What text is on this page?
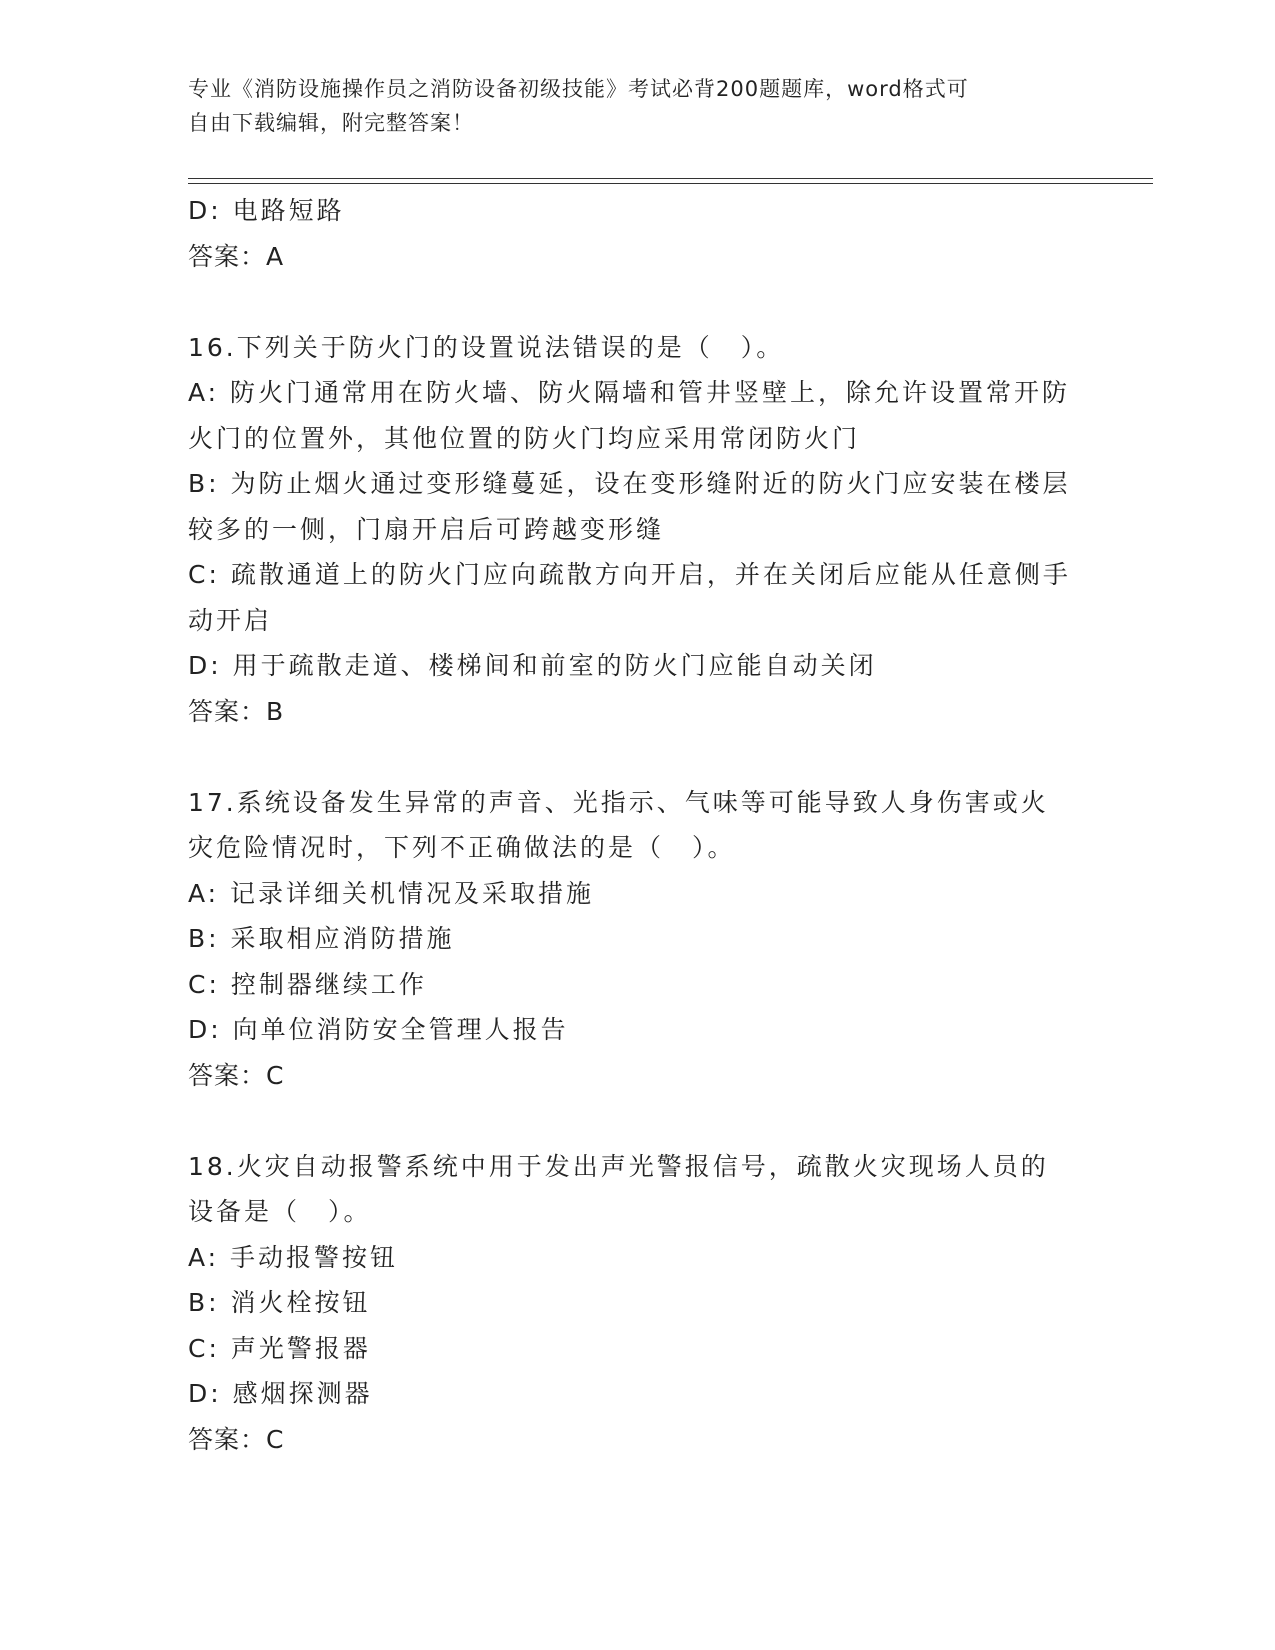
专业《消防设施操作员之消防设备初级技能》考试必背200题题库，word格式可
自由下载编辑，附完整答案！

D: 电路短路

答案：A

16.下列关于防火门的设置说法错误的是（　）。

A: 防火门通常用在防火墙、防火隔墙和管井竖壁上，除允许设置常开防火门的位置外，其他位置的防火门均应采用常闭防火门

B: 为防止烟火通过变形缝蔓延，设在变形缝附近的防火门应安装在楼层较多的一侧，门扇开启后可跨越变形缝

C: 疏散通道上的防火门应向疏散方向开启，并在关闭后应能从任意侧手动开启

D: 用于疏散走道、楼梯间和前室的防火门应能自动关闭

答案：B

17.系统设备发生异常的声音、光指示、气味等可能导致人身伤害或火灾危险情况时，下列不正确做法的是（　）。

A: 记录详细关机情况及采取措施

B: 采取相应消防措施

C: 控制器继续工作

D: 向单位消防安全管理人报告

答案：C

18.火灾自动报警系统中用于发出声光警报信号，疏散火灾现场人员的设备是（　）。

A: 手动报警按钮

B: 消火栓按钮

C: 声光警报器

D: 感烟探测器

答案：C
